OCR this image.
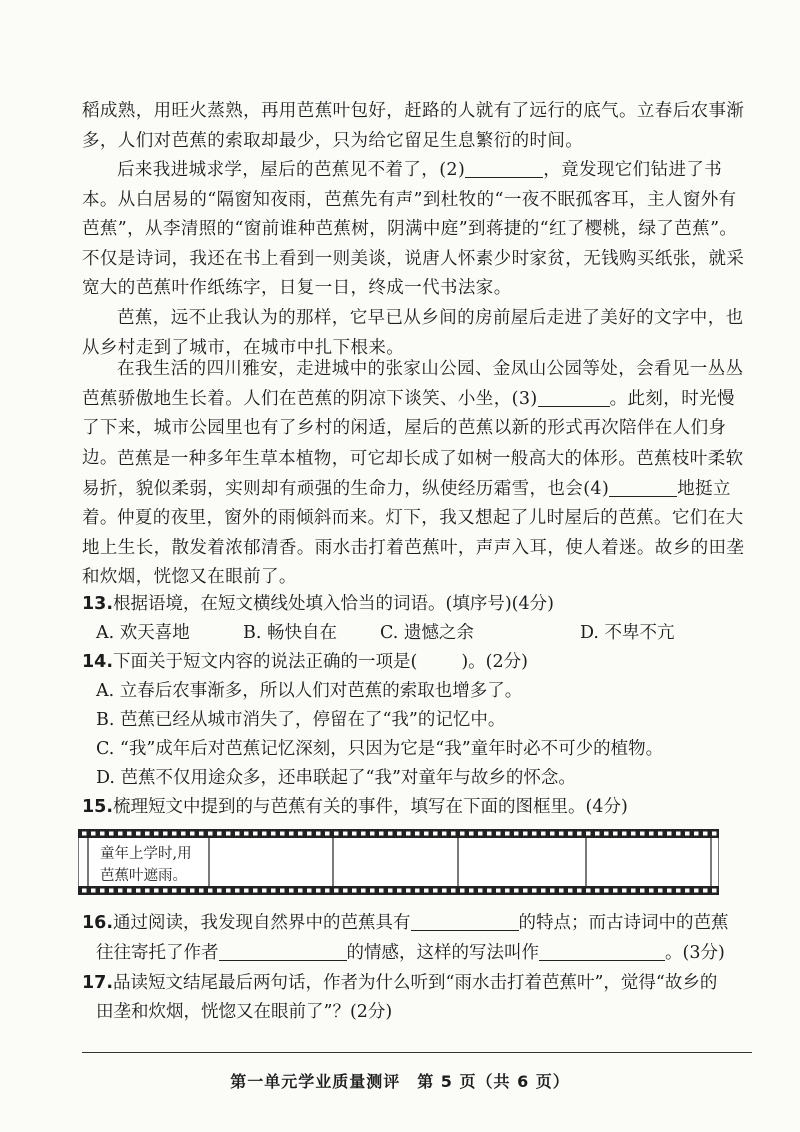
稻成熟，用旺火蒸熟，再用芭蕉叶包好，赶路的人就有了远行的底气。立春后农事渐多，人们对芭蕉的索取却最少，只为给它留足生息繁衍的时间。
后来我进城求学，屋后的芭蕉见不着了，(2)	，竟发现它们钻进了书本。从白居易的“隔窗知夜雨，芭蕉先有声”到杜牧的“一夜不眠孤客耳，主人窗外有芭蕉”，从李清照的“窗前谁种芭蕉树，阴满中庭”到蒋捷的“红了樱桃，绿了芭蕉”。不仅是诗词，我还在书上看到一则美谈，说唐人怀素少时家贫，无钱购买纸张，就采宽大的芭蕉叶作纸练字，日复一日，终成一代书法家。
芭蕉，远不止我认为的那样，它早已从乡间的房前屋后走进了美好的文字中，也从乡村走到了城市，在城市中扎下根来。
在我生活的四川雅安，走进城中的张家山公园、金凤山公园等处，会看见一丛丛芭蕉骄傲地生长着。人们在芭蕉的阴凉下谈笑、小坐，(3)	。此刻，时光慢了下来，城市公园里也有了乡村的闲适，屋后的芭蕉以新的形式再次陪伴在人们身边。 芭蕉是一种多年生草本植物，可它却长成了如树一般高大的体形。芭蕉枝叶柔软易折，貌似柔弱，实则却有顽强的生命力，纵使经历霜雪，也会(4)	地挺立着。 仲夏的夜里，窗外的雨倾斜而来。灯下，我又想起了儿时屋后的芭蕉。它们在大地上生长，散发着浓郁清香。雨水击打着芭蕉叶，声声入耳，使人着迷。故乡的田垄和炊烟，恍惚又在眼前了。
13.根据语境，在短文横线处填入恰当的词语。(填序号)(4分)
A. 欢天喜地	B. 畅快自在 C. 遗憾之余	D. 不卑不亢
14.下面关于短文内容的说法正确的一项是(	)。(2分)
A. 立春后农事渐多，所以人们对芭蕉的索取也增多了。
B. 芭蕉已经从城市消失了，停留在了“我”的记忆中。
C. “我”成年后对芭蕉记忆深刻，只因为它是“我”童年时必不可少的植物。
D. 芭蕉不仅用途众多，还串联起了“我”对童年与故乡的怀念。
15.梳理短文中提到的与芭蕉有关的事件，填写在下面的图框里。(4分)
童年上学时,用
芭蕉叶遮雨。
16.通过阅读，我发现自然界中的芭蕉具有	的特点；而古诗词中的芭蕉
往往寄托了作者	的情感，这样的写法叫作	。(3分)
17.品读短文结尾最后两句话，作者为什么听到“雨水击打着芭蕉叶”，觉得“故乡的
田垄和炊烟，恍惚又在眼前了”？(2分)
第一单元学业质量测评　第 5 页（共 6 页）
